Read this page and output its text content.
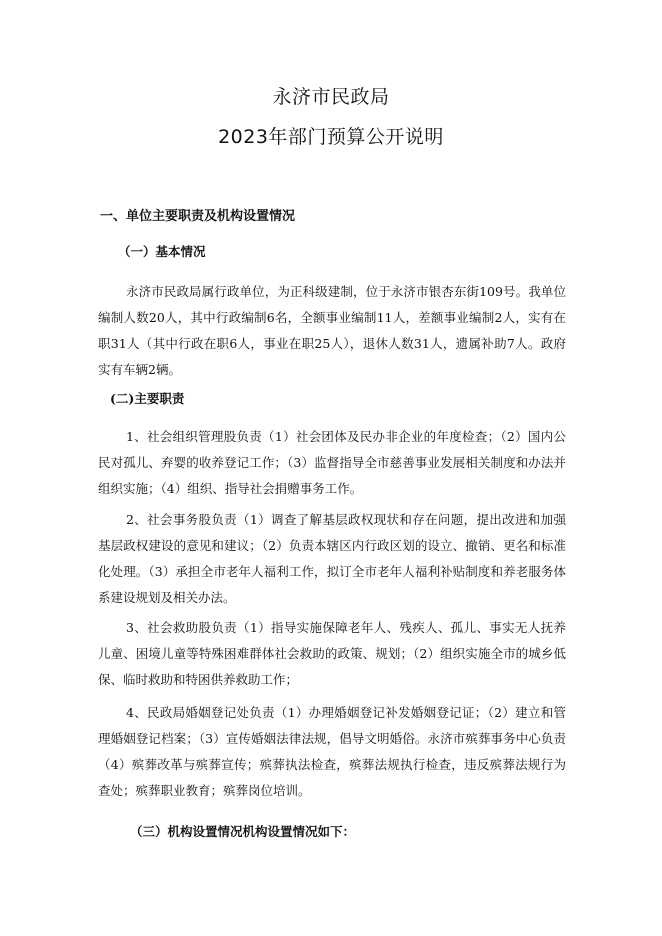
永济市民政局
2023年部门预算公开说明
一、单位主要职责及机构设置情况
（一）基本情况

永济市民政局属行政单位，为正科级建制，位于永济市银杏东街109号。我单位编制人数20人，其中行政编制6名，全额事业编制11人，差额事业编制2人，实有在职31人（其中行政在职6人，事业在职25人），退休人数31人，遗属补助7人。政府实有车辆2辆。

(二)主要职责

1、社会组织管理股负责（1）社会团体及民办非企业的年度检查；（2）国内公民对孤儿、弃婴的收养登记工作；（3）监督指导全市慈善事业发展相关制度和办法并组织实施；（4）组织、指导社会捐赠事务工作。

2、社会事务股负责（1）调查了解基层政权现状和存在问题，提出改进和加强基层政权建设的意见和建议；（2）负责本辖区内行政区划的设立、撤销、更名和标准化处理。（3）承担全市老年人福利工作，拟订全市老年人福利补贴制度和养老服务体系建设规划及相关办法。

3、社会救助股负责（1）指导实施保障老年人、残疾人、孤儿、事实无人抚养儿童、困境儿童等特殊困难群体社会救助的政策、规划；（2）组织实施全市的城乡低保、临时救助和特困供养救助工作；

4、民政局婚姻登记处负责（1）办理婚姻登记补发婚姻登记证；（2）建立和管理婚姻登记档案；（3）宣传婚姻法律法规，倡导文明婚俗。永济市殡葬事务中心负责（4）殡葬改革与殡葬宣传；殡葬执法检查，殡葬法规执行检查，违反殡葬法规行为查处；殡葬职业教育；殡葬岗位培训。

（三）机构设置情况机构设置情况如下：
